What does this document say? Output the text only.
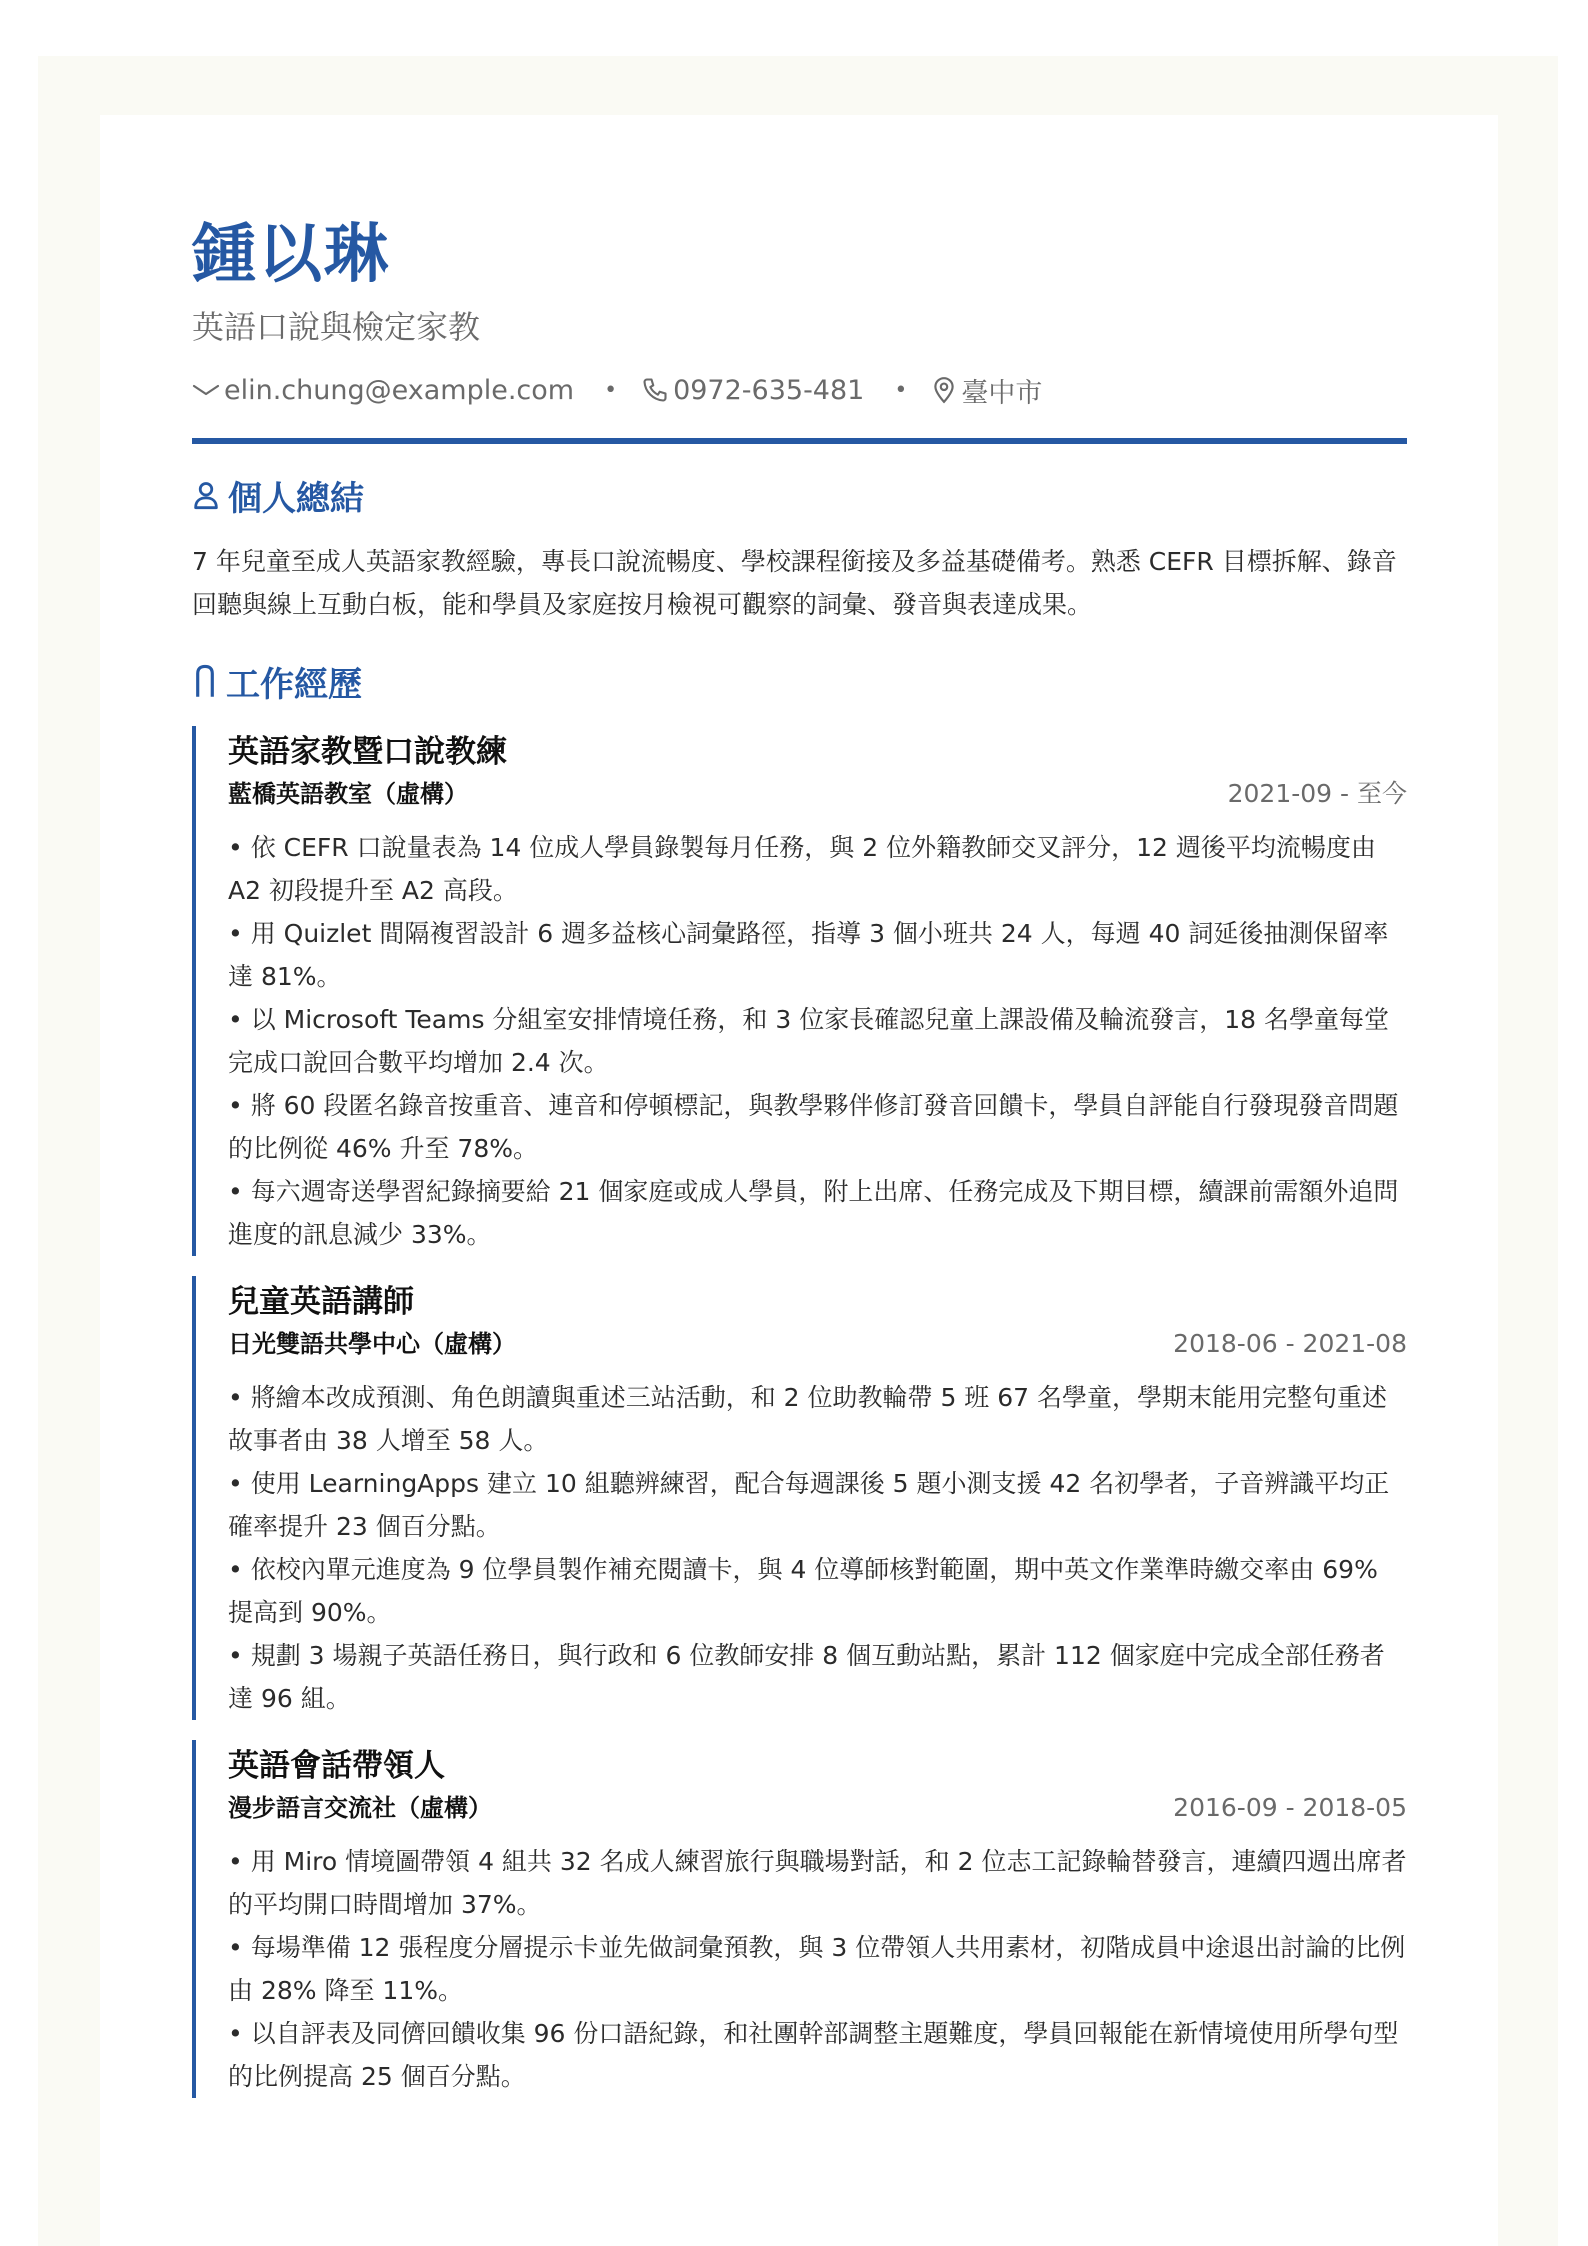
鍾以琳
英語口說與檢定家教
elin.chung@example.com • 0972-635-481 • 臺中市
個人總結
7 年兒童至成人英語家教經驗，專長口說流暢度、學校課程銜接及多益基礎備考。熟悉 CEFR 目標拆解、錄音回聽與線上互動白板，能和學員及家庭按月檢視可觀察的詞彙、發音與表達成果。
工作經歷
英語家教暨口說教練
藍橋英語教室（虛構）	2021-09 - 至今
• 依 CEFR 口說量表為 14 位成人學員錄製每月任務，與 2 位外籍教師交叉評分，12 週後平均流暢度由 A2 初段提升至 A2 高段。
• 用 Quizlet 間隔複習設計 6 週多益核心詞彙路徑，指導 3 個小班共 24 人，每週 40 詞延後抽測保留率達 81%。
• 以 Microsoft Teams 分組室安排情境任務，和 3 位家長確認兒童上課設備及輪流發言，18 名學童每堂完成口說回合數平均增加 2.4 次。
• 將 60 段匿名錄音按重音、連音和停頓標記，與教學夥伴修訂發音回饋卡，學員自評能自行發現發音問題的比例從 46% 升至 78%。
• 每六週寄送學習紀錄摘要給 21 個家庭或成人學員，附上出席、任務完成及下期目標，續課前需額外追問進度的訊息減少 33%。
兒童英語講師
日光雙語共學中心（虛構）	2018-06 - 2021-08
• 將繪本改成預測、角色朗讀與重述三站活動，和 2 位助教輪帶 5 班 67 名學童，學期末能用完整句重述故事者由 38 人增至 58 人。
• 使用 LearningApps 建立 10 組聽辨練習，配合每週課後 5 題小測支援 42 名初學者，子音辨識平均正確率提升 23 個百分點。
• 依校內單元進度為 9 位學員製作補充閱讀卡，與 4 位導師核對範圍，期中英文作業準時繳交率由 69% 提高到 90%。
• 規劃 3 場親子英語任務日，與行政和 6 位教師安排 8 個互動站點，累計 112 個家庭中完成全部任務者達 96 組。
英語會話帶領人
漫步語言交流社（虛構）	2016-09 - 2018-05
• 用 Miro 情境圖帶領 4 組共 32 名成人練習旅行與職場對話，和 2 位志工記錄輪替發言，連續四週出席者的平均開口時間增加 37%。
• 每場準備 12 張程度分層提示卡並先做詞彙預教，與 3 位帶領人共用素材，初階成員中途退出討論的比例由 28% 降至 11%。
• 以自評表及同儕回饋收集 96 份口語紀錄，和社團幹部調整主題難度，學員回報能在新情境使用所學句型的比例提高 25 個百分點。
